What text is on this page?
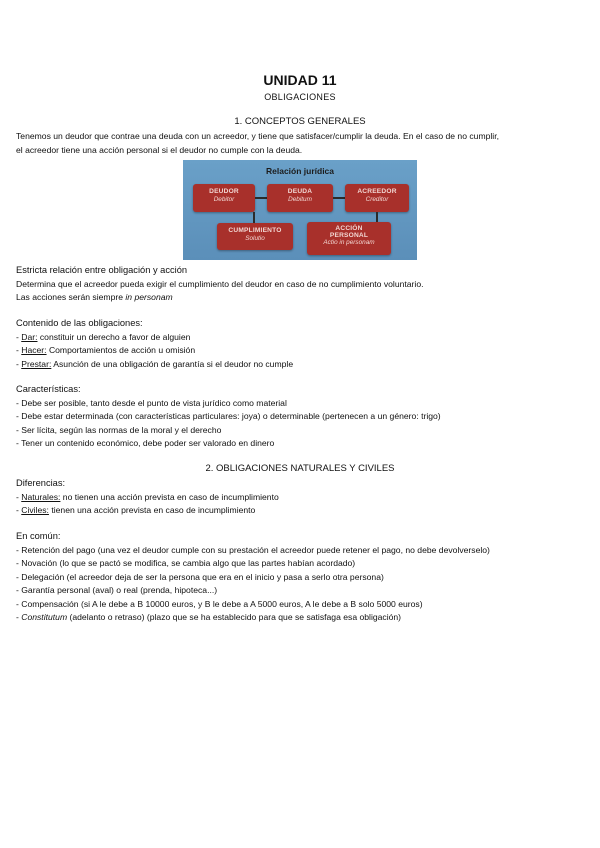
UNIDAD 11
OBLIGACIONES
1. CONCEPTOS GENERALES
Tenemos un deudor que contrae una deuda con un acreedor, y tiene que satisfacer/cumplir la deuda. En el caso de no cumplir,
el acreedor tiene una acción personal si el deudor no cumple con la deuda.
Relación jurídica
DEUDOR
Debitor
DEUDA
Debitum
ACREEDOR
Creditor
CUMPLIMIENTO
Solutio
ACCIÓN
PERSONAL
Actio in personam
Estricta relación entre obligación y acción
Determina que el acreedor pueda exigir el cumplimiento del deudor en caso de no cumplimiento voluntario.
Las acciones serán siempre in personam
Contenido de las obligaciones:
- Dar: constituir un derecho a favor de alguien
- Hacer: Comportamientos de acción u omisión
- Prestar: Asunción de una obligación de garantía si el deudor no cumple
Características:
- Debe ser posible, tanto desde el punto de vista jurídico como material
- Debe estar determinada (con características particulares: joya) o determinable (pertenecen a un género: trigo)
- Ser lícita, según las normas de la moral y el derecho
- Tener un contenido económico, debe poder ser valorado en dinero
2. OBLIGACIONES NATURALES Y CIVILES
Diferencias:
- Naturales: no tienen una acción prevista en caso de incumplimiento
- Civiles: tienen una acción prevista en caso de incumplimiento
En común:
- Retención del pago (una vez el deudor cumple con su prestación el acreedor puede retener el pago, no debe devolverselo)
- Novación (lo que se pactó se modifica, se cambia algo que las partes habían acordado)
- Delegación (el acreedor deja de ser la persona que era en el inicio y pasa a serlo otra persona)
- Garantía personal (aval) o real (prenda, hipoteca...)
- Compensación (si A le debe a B 10000 euros, y B le debe a A 5000 euros, A le debe a B solo 5000 euros)
- Constitutum (adelanto o retraso) (plazo que se ha establecido para que se satisfaga esa obligación)
